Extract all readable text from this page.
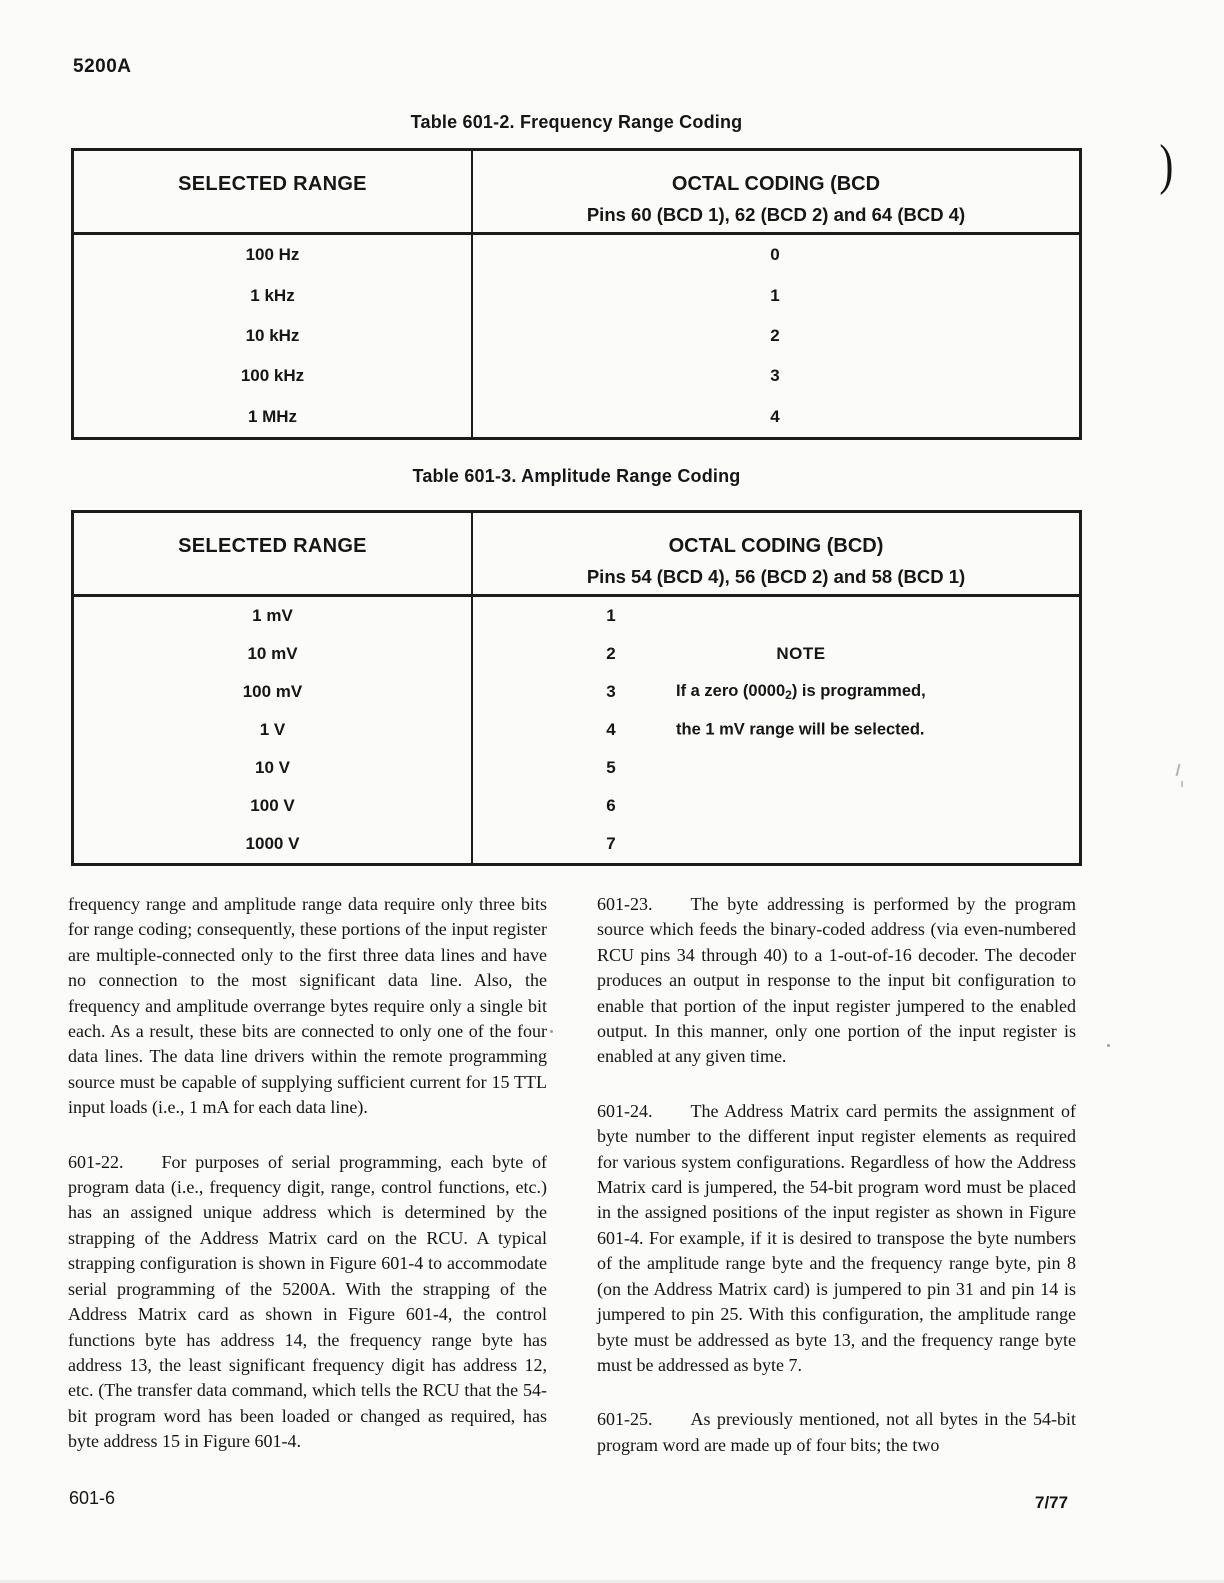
5200A
Table 601-2. Frequency Range Coding
SELECTED RANGE	OCTAL CODING (BCD
Pins 60 (BCD 1), 62 (BCD 2) and 64 (BCD 4)
100 Hz	0
1 kHz	1
10 kHz	2
100 kHz	3
1 MHz	4
Table 601-3. Amplitude Range Coding
SELECTED RANGE	OCTAL CODING (BCD)
Pins 54 (BCD 4), 56 (BCD 2) and 58 (BCD 1)
1 mV	1
10 mV	2	NOTE
100 mV	3	If a zero $(0000_2)$ is programmed,
1 V	4	the 1 mV range will be selected.
10 V	5
100 V	6
1000 V	7

frequency range and amplitude range data require only three bits for range coding; consequently, these portions of the input register are multiple-connected only to the first three data lines and have no connection to the most significant data line. Also, the frequency and amplitude overrange bytes require only a single bit each. As a result, these bits are connected to only one of the four data lines. The data line drivers within the remote programming source must be capable of supplying sufficient current for 15 TTL input loads (i.e., 1 mA for each data line).

601-22. For purposes of serial programming, each byte of program data (i.e., frequency digit, range, control functions, etc.) has an assigned unique address which is determined by the strapping of the Address Matrix card on the RCU. A typical strapping configuration is shown in Figure 601-4 to accommodate serial programming of the 5200A. With the strapping of the Address Matrix card as shown in Figure 601-4, the control functions byte has address 14, the frequency range byte has address 13, the least significant frequency digit has address 12, etc. (The transfer data command, which tells the RCU that the 54-bit program word has been loaded or changed as required, has byte address 15 in Figure 601-4.

601-23. The byte addressing is performed by the program source which feeds the binary-coded address (via even-numbered RCU pins 34 through 40) to a 1-out-of-16 decoder. The decoder produces an output in response to the input bit configuration to enable that portion of the input register jumpered to the enabled output. In this manner, only one portion of the input register is enabled at any given time.

601-24. The Address Matrix card permits the assignment of byte number to the different input register elements as required for various system configurations. Regardless of how the Address Matrix card is jumpered, the 54-bit program word must be placed in the assigned positions of the input register as shown in Figure 601-4. For example, if it is desired to transpose the byte numbers of the amplitude range byte and the frequency range byte, pin 8 (on the Address Matrix card) is jumpered to pin 31 and pin 14 is jumpered to pin 25. With this configuration, the amplitude range byte must be addressed as byte 13, and the frequency range byte must be addressed as byte 7.

601-25. As previously mentioned, not all bytes in the 54-bit program word are made up of four bits; the two

601-6	7/77
)
